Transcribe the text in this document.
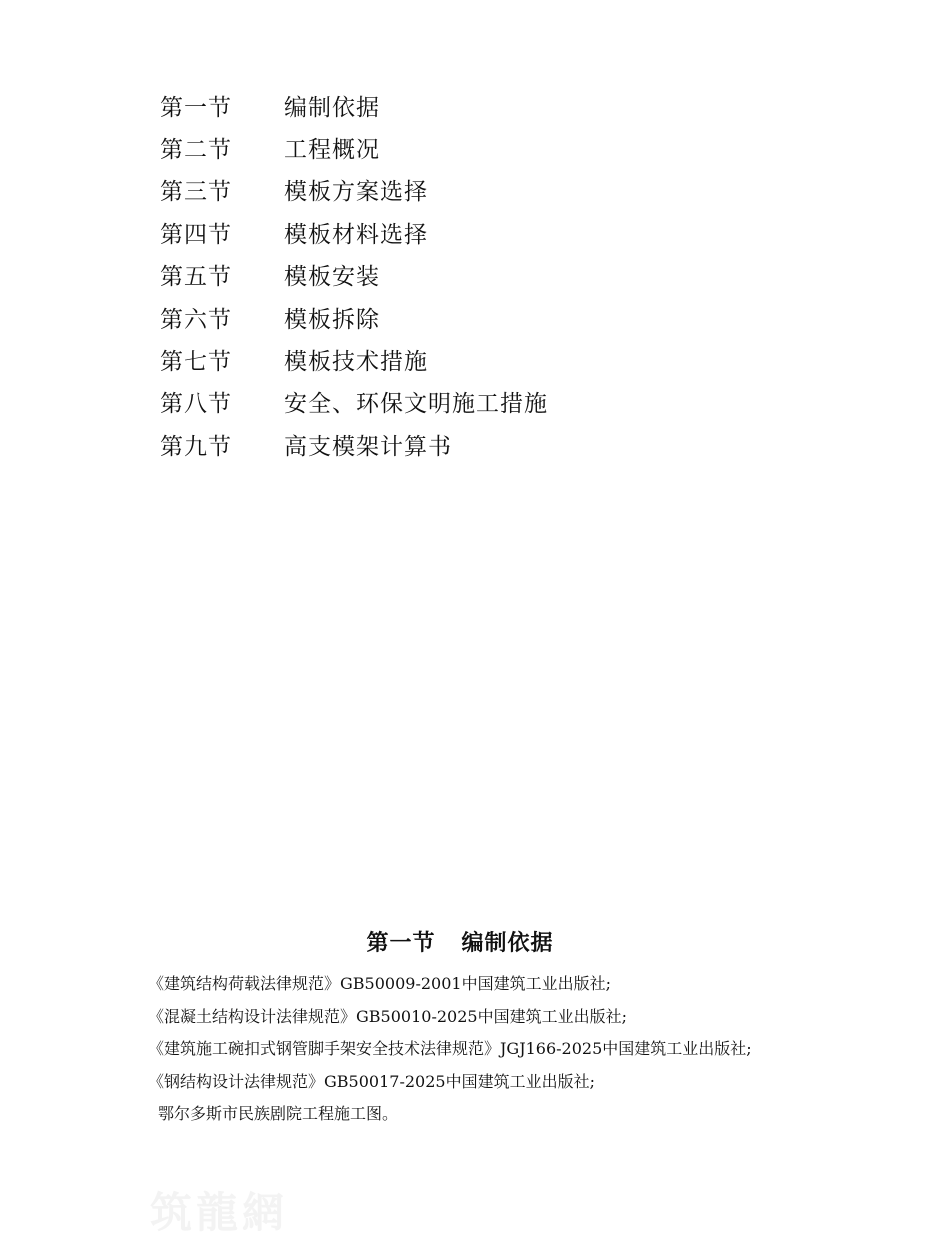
第一节	编制依据
第二节	工程概况
第三节	模板方案选择
第四节	模板材料选择
第五节	模板安装
第六节	模板拆除
第七节	模板技术措施
第八节	安全、环保文明施工措施
第九节	高支模架计算书
第一节 编制依据
《建筑结构荷载法律规范》GB50009-2001中国建筑工业出版社;
《混凝土结构设计法律规范》GB50010-2025中国建筑工业出版社;
《建筑施工碗扣式钢管脚手架安全技术法律规范》JGJ166-2025中国建筑工业出版社;
《钢结构设计法律规范》GB50017-2025中国建筑工业出版社;
鄂尔多斯市民族剧院工程施工图。
筑龍網
